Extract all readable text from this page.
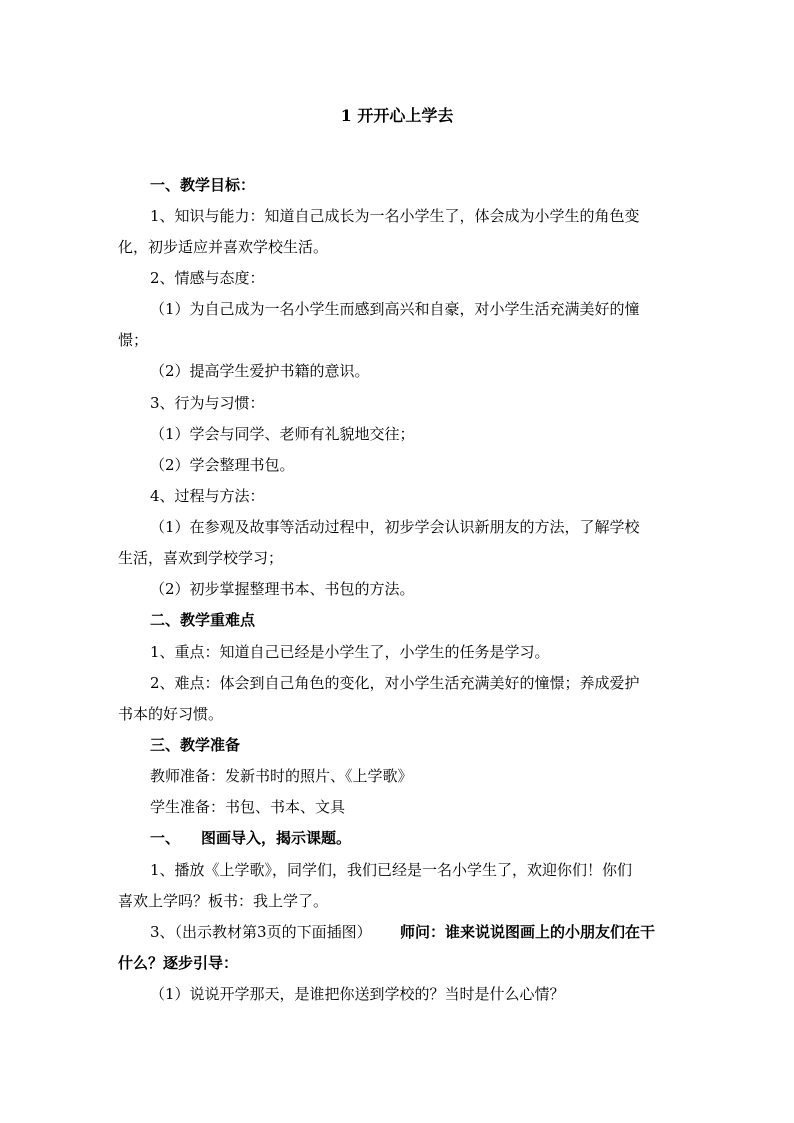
1 开开心上学去
一、教学目标：
1、知识与能力：知道自己成长为一名小学生了，体会成为小学生的角色变
化，初步适应并喜欢学校生活。
2、情感与态度：
（1）为自己成为一名小学生而感到高兴和自豪，对小学生活充满美好的憧
憬；
（2）提高学生爱护书籍的意识。
3、行为与习惯：
（1）学会与同学、老师有礼貌地交往；
（2）学会整理书包。
4、过程与方法：
（1）在参观及故事等活动过程中，初步学会认识新朋友的方法，了解学校
生活，喜欢到学校学习；
（2）初步掌握整理书本、书包的方法。
二、教学重难点
1、重点：知道自己已经是小学生了，小学生的任务是学习。
2、难点：体会到自己角色的变化，对小学生活充满美好的憧憬；养成爱护
书本的好习惯。
三、教学准备
教师准备：发新书时的照片、《上学歌》
学生准备：书包、书本、文具
一、	图画导入，揭示课题。
1、播放《上学歌》，同学们，我们已经是一名小学生了，欢迎你们！你们
喜欢上学吗？板书：我上学了。
3、（出示教材第3页的下面插图）	师问：谁来说说图画上的小朋友们在干
什么？逐步引导：
（1）说说开学那天，是谁把你送到学校的？当时是什么心情？
